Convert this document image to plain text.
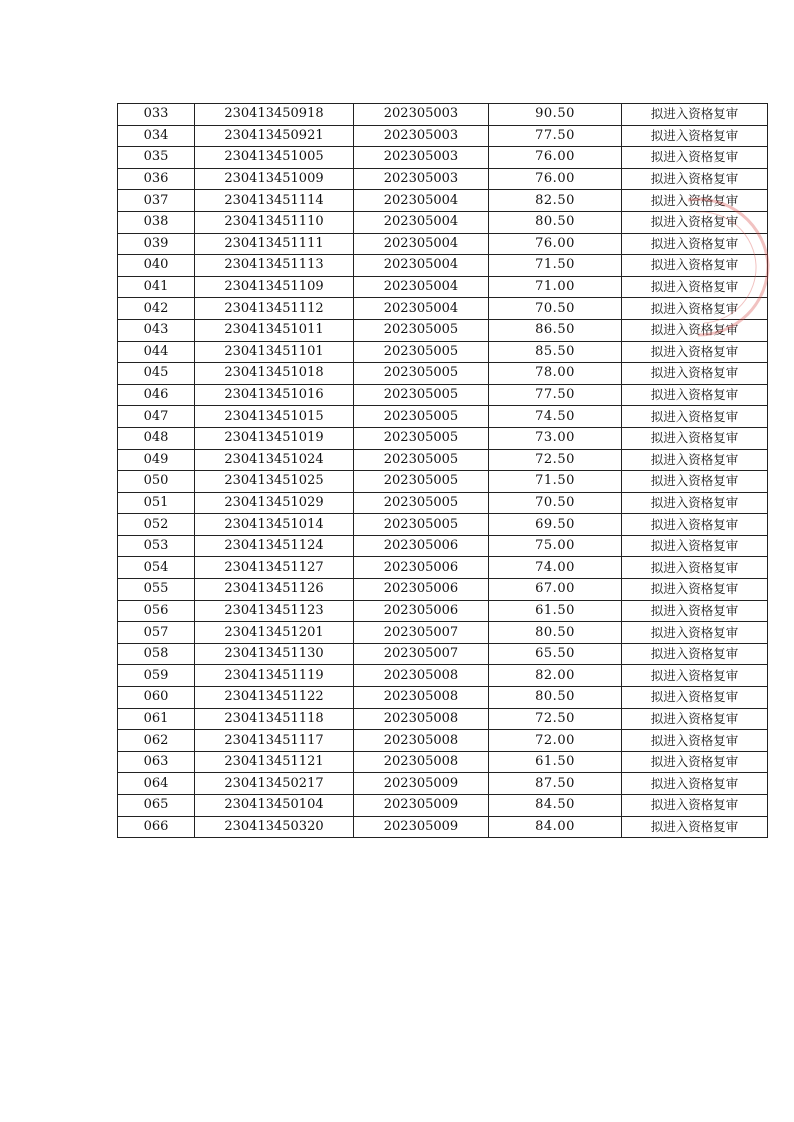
033	230413450918	202305003	90.50	拟进入资格复审
034	230413450921	202305003	77.50	拟进入资格复审
035	230413451005	202305003	76.00	拟进入资格复审
036	230413451009	202305003	76.00	拟进入资格复审
037	230413451114	202305004	82.50	拟进入资格复审
038	230413451110	202305004	80.50	拟进入资格复审
039	230413451111	202305004	76.00	拟进入资格复审
040	230413451113	202305004	71.50	拟进入资格复审
041	230413451109	202305004	71.00	拟进入资格复审
042	230413451112	202305004	70.50	拟进入资格复审
043	230413451011	202305005	86.50	拟进入资格复审
044	230413451101	202305005	85.50	拟进入资格复审
045	230413451018	202305005	78.00	拟进入资格复审
046	230413451016	202305005	77.50	拟进入资格复审
047	230413451015	202305005	74.50	拟进入资格复审
048	230413451019	202305005	73.00	拟进入资格复审
049	230413451024	202305005	72.50	拟进入资格复审
050	230413451025	202305005	71.50	拟进入资格复审
051	230413451029	202305005	70.50	拟进入资格复审
052	230413451014	202305005	69.50	拟进入资格复审
053	230413451124	202305006	75.00	拟进入资格复审
054	230413451127	202305006	74.00	拟进入资格复审
055	230413451126	202305006	67.00	拟进入资格复审
056	230413451123	202305006	61.50	拟进入资格复审
057	230413451201	202305007	80.50	拟进入资格复审
058	230413451130	202305007	65.50	拟进入资格复审
059	230413451119	202305008	82.00	拟进入资格复审
060	230413451122	202305008	80.50	拟进入资格复审
061	230413451118	202305008	72.50	拟进入资格复审
062	230413451117	202305008	72.00	拟进入资格复审
063	230413451121	202305008	61.50	拟进入资格复审
064	230413450217	202305009	87.50	拟进入资格复审
065	230413450104	202305009	84.50	拟进入资格复审
066	230413450320	202305009	84.00	拟进入资格复审
